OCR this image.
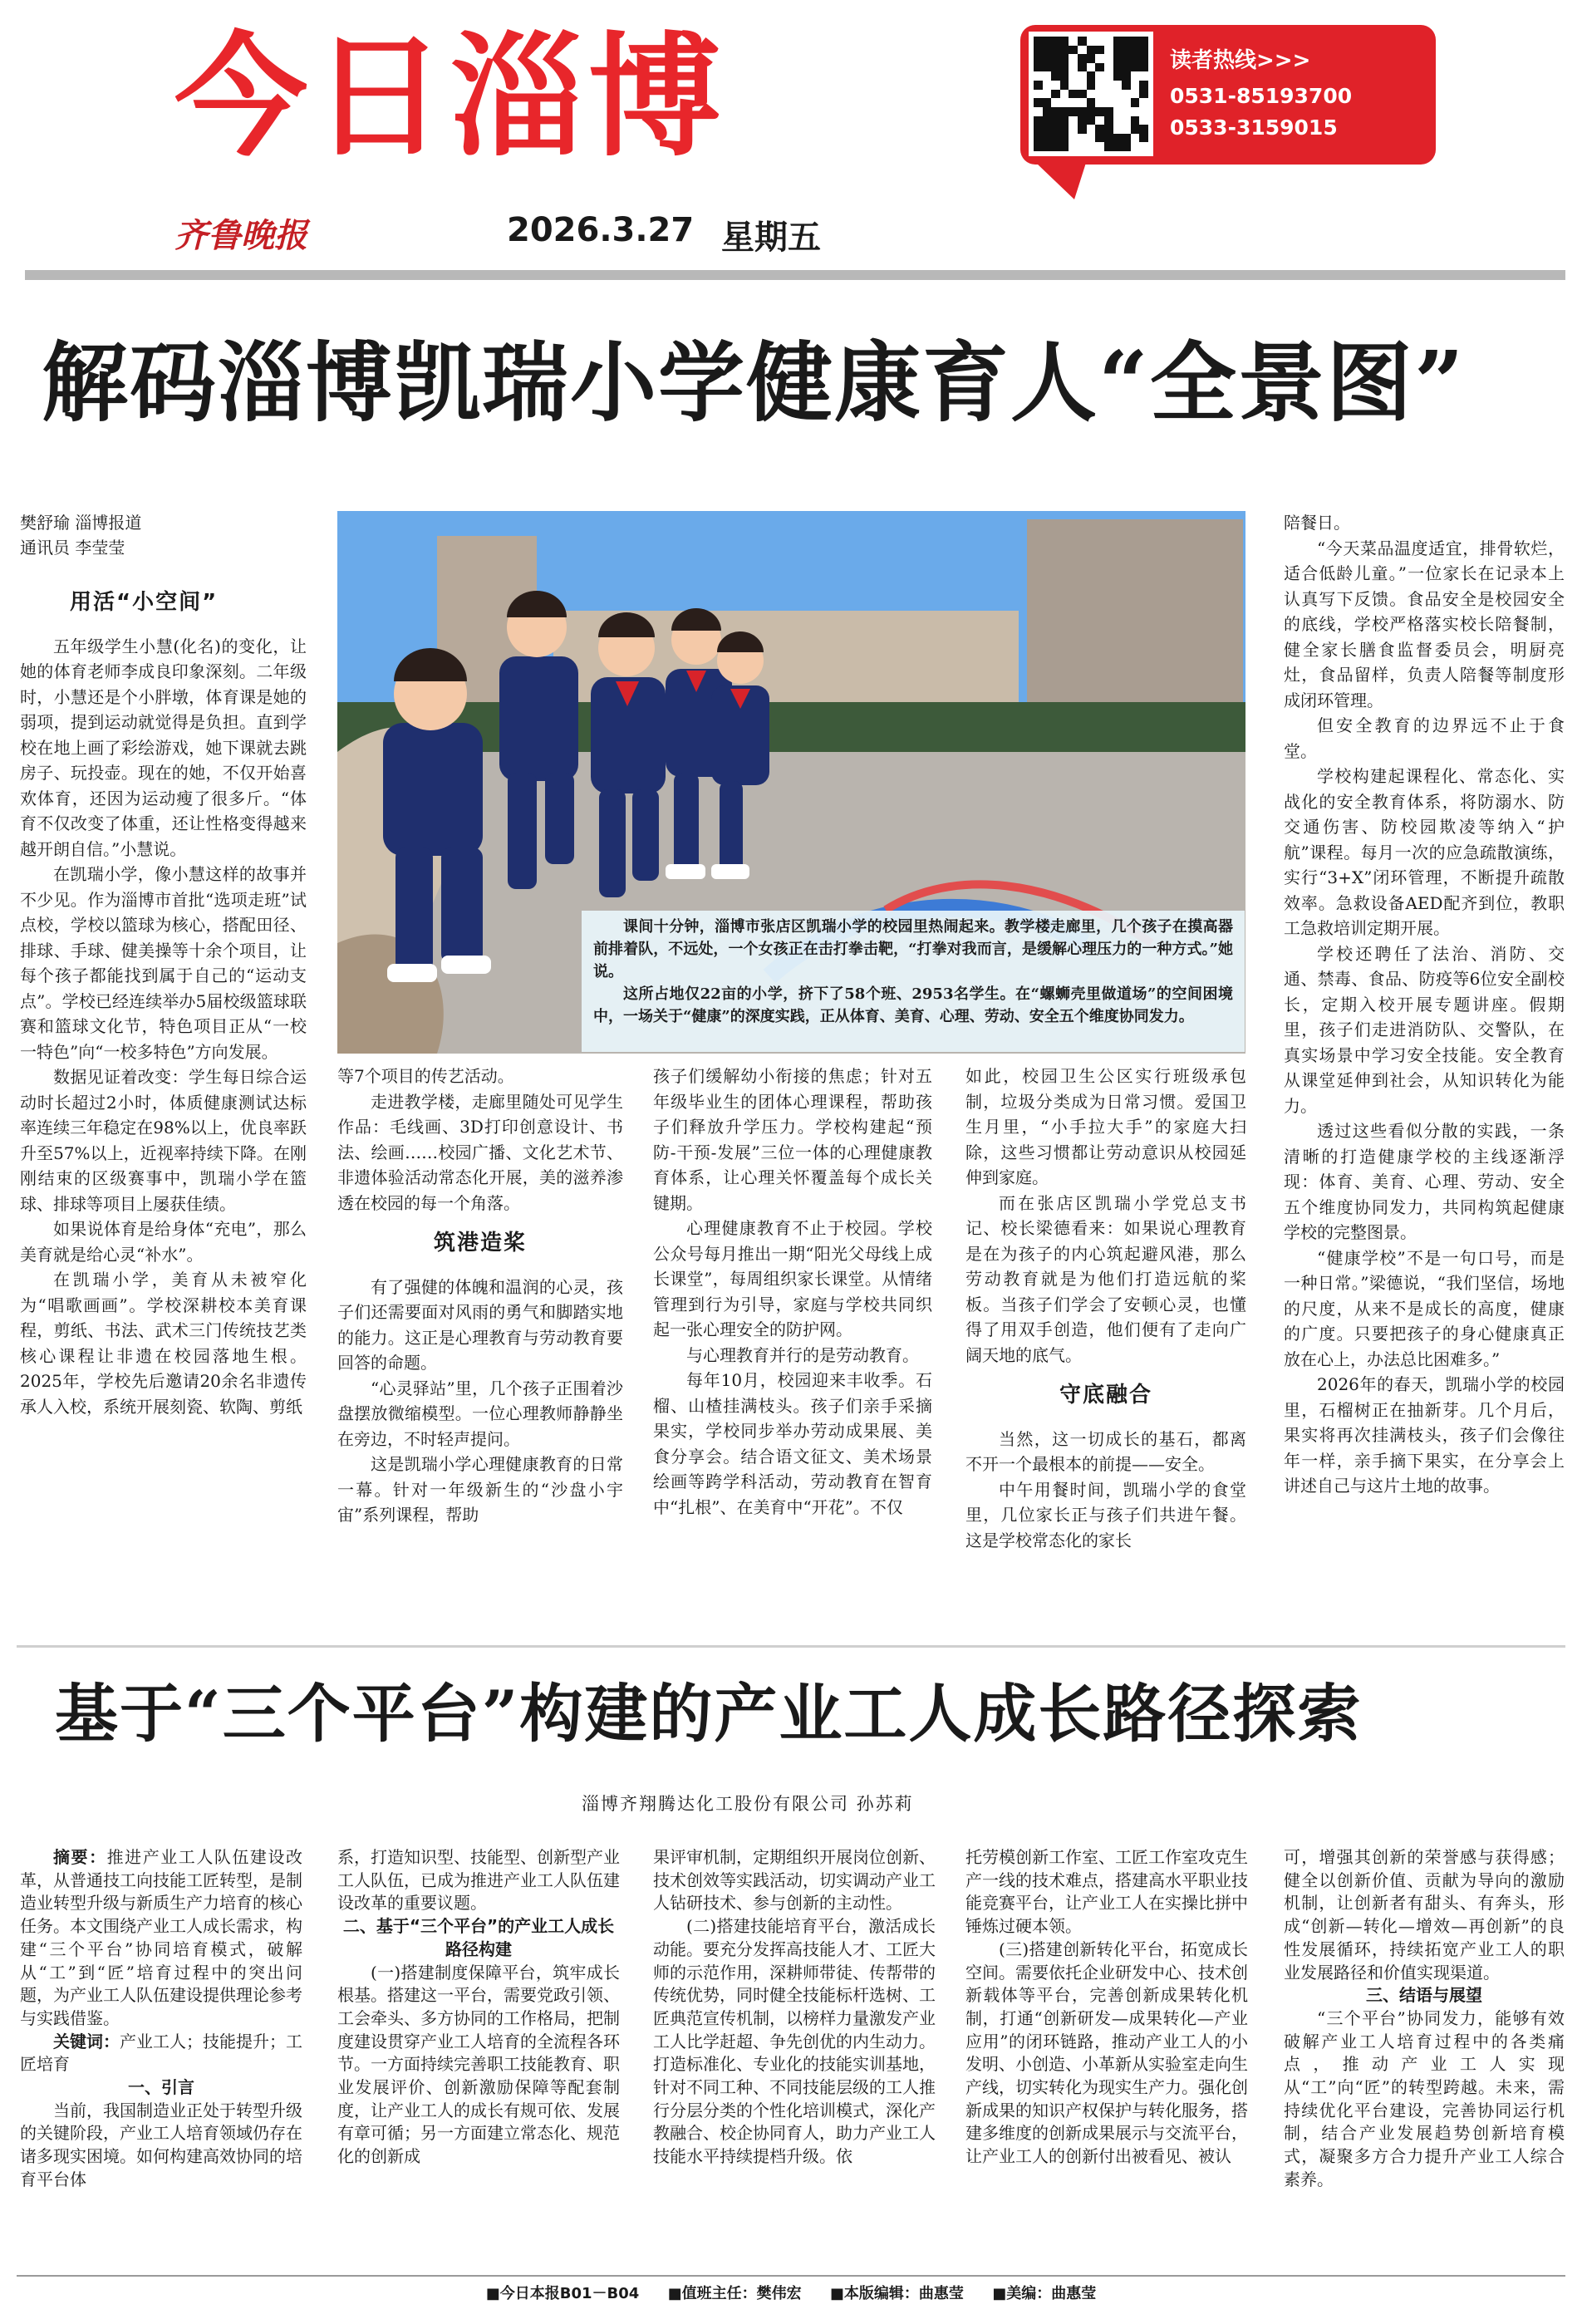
今日淄博
齐鲁晚报	2026.3.27 星期五
读者热线>>>
0531-85193700
0533-3159015
解码淄博凯瑞小学健康育人“全景图”
樊舒瑜 淄博报道
通讯员 李莹莹

课间十分钟，淄博市张店区凯瑞小学的校园里热闹起来。教学楼走廊里，几个孩子在摸高器前排着队，不远处，一个女孩正在击打拳击靶，“打拳对我而言，是缓解心理压力的一种方式。”她说。

这所占地仅22亩的小学，挤下了58个班、2953名学生。在“螺蛳壳里做道场”的空间困境中，一场关于“健康”的深度实践，正从体育、美育、心理、劳动、安全五个维度协同发力。

用活“小空间”

五年级学生小慧(化名)的变化，让她的体育老师李成良印象深刻。二年级时，小慧还是个小胖墩，体育课是她的弱项，提到运动就觉得是负担。直到学校在地上画了彩绘游戏，她下课就去跳房子、玩投壶。现在的她，不仅开始喜欢体育，还因为运动瘦了很多斤。“体育不仅改变了体重，还让性格变得越来越开朗自信。”小慧说。

在凯瑞小学，像小慧这样的故事并不少见。作为淄博市首批“选项走班”试点校，学校以篮球为核心，搭配田径、排球、手球、健美操等十余个项目，让每个孩子都能找到属于自己的“运动支点”。学校已经连续举办5届校级篮球联赛和篮球文化节，特色项目正从“一校一特色”向“一校多特色”方向发展。

数据见证着改变：学生每日综合运动时长超过2小时，体质健康测试达标率连续三年稳定在98%以上，优良率跃升至57%以上，近视率持续下降。在刚刚结束的区级赛事中，凯瑞小学在篮球、排球等项目上屡获佳绩。

如果说体育是给身体“充电”，那么美育就是给心灵“补水”。

在凯瑞小学，美育从未被窄化为“唱歌画画”。学校深耕校本美育课程，剪纸、书法、武术三门传统技艺类核心课程让非遗在校园落地生根。2025年，学校先后邀请20余名非遗传承人入校，系统开展刻瓷、软陶、剪纸

等7个项目的传艺活动。

走进教学楼，走廊里随处可见学生作品：毛线画、3D打印创意设计、书法、绘画……校园广播、文化艺术节、非遗体验活动常态化开展，美的滋养渗透在校园的每一个角落。

筑港造桨

有了强健的体魄和温润的心灵，孩子们还需要面对风雨的勇气和脚踏实地的能力。这正是心理教育与劳动教育要回答的命题。

“心灵驿站”里，几个孩子正围着沙盘摆放微缩模型。一位心理教师静静坐在旁边，不时轻声提问。

这是凯瑞小学心理健康教育的日常一幕。针对一年级新生的“沙盘小宇宙”系列课程，帮助

孩子们缓解幼小衔接的焦虑；针对五年级毕业生的团体心理课程，帮助孩子们释放升学压力。学校构建起“预防-干预-发展”三位一体的心理健康教育体系，让心理关怀覆盖每个成长关键期。

心理健康教育不止于校园。学校公众号每月推出一期“阳光父母线上成长课堂”，每周组织家长课堂。从情绪管理到行为引导，家庭与学校共同织起一张心理安全的防护网。

与心理教育并行的是劳动教育。

每年10月，校园迎来丰收季。石榴、山楂挂满枝头。孩子们亲手采摘果实，学校同步举办劳动成果展、美食分享会。结合语文征文、美术场景绘画等跨学科活动，劳动教育在智育中“扎根”、在美育中“开花”。不仅

如此，校园卫生公区实行班级承包制，垃圾分类成为日常习惯。爱国卫生月里，“小手拉大手”的家庭大扫除，这些习惯都让劳动意识从校园延伸到家庭。

而在张店区凯瑞小学党总支书记、校长梁德看来：如果说心理教育是在为孩子的内心筑起避风港，那么劳动教育就是为他们打造远航的桨板。当孩子们学会了安顿心灵，也懂得了用双手创造，他们便有了走向广阔天地的底气。

守底融合

当然，这一切成长的基石，都离不开一个最根本的前提——安全。

中午用餐时间，凯瑞小学的食堂里，几位家长正与孩子们共进午餐。这是学校常态化的家长

陪餐日。

“今天菜品温度适宜，排骨软烂，适合低龄儿童。”一位家长在记录本上认真写下反馈。食品安全是校园安全的底线，学校严格落实校长陪餐制，健全家长膳食监督委员会，明厨亮灶，食品留样，负责人陪餐等制度形成闭环管理。

但安全教育的边界远不止于食堂。

学校构建起课程化、常态化、实战化的安全教育体系，将防溺水、防交通伤害、防校园欺凌等纳入“护航”课程。每月一次的应急疏散演练，实行“3+X”闭环管理，不断提升疏散效率。急救设备AED配齐到位，教职工急救培训定期开展。

学校还聘任了法治、消防、交通、禁毒、食品、防疫等6位安全副校长，定期入校开展专题讲座。假期里，孩子们走进消防队、交警队，在真实场景中学习安全技能。安全教育从课堂延伸到社会，从知识转化为能力。

透过这些看似分散的实践，一条清晰的打造健康学校的主线逐渐浮现：体育、美育、心理、劳动、安全五个维度协同发力，共同构筑起健康学校的完整图景。

“健康学校”不是一句口号，而是一种日常。”梁德说，“我们坚信，场地的尺度，从来不是成长的高度，健康的广度。只要把孩子的身心健康真正放在心上，办法总比困难多。”

2026年的春天，凯瑞小学的校园里，石榴树正在抽新芽。几个月后，果实将再次挂满枝头，孩子们会像往年一样，亲手摘下果实，在分享会上讲述自己与这片土地的故事。

基于“三个平台”构建的产业工人成长路径探索
淄博齐翔腾达化工股份有限公司 孙苏莉

摘要：推进产业工人队伍建设改革，从普通技工向技能工匠转型，是制造业转型升级与新质生产力培育的核心任务。本文围绕产业工人成长需求，构建“三个平台”协同培育模式，破解从“工”到“匠”培育过程中的突出问题，为产业工人队伍建设提供理论参考与实践借鉴。

关键词：产业工人；技能提升；工匠培育

一、引言

当前，我国制造业正处于转型升级的关键阶段，产业工人培育领域仍存在诸多现实困境。如何构建高效协同的培育平台体

系，打造知识型、技能型、创新型产业工人队伍，已成为推进产业工人队伍建设改革的重要议题。

二、基于“三个平台”的产业工人成长路径构建

(一)搭建制度保障平台，筑牢成长根基。搭建这一平台，需要党政引领、工会牵头、多方协同的工作格局，把制度建设贯穿产业工人培育的全流程各环节。一方面持续完善职工技能教育、职业发展评价、创新激励保障等配套制度，让产业工人的成长有规可依、发展有章可循；另一方面建立常态化、规范化的创新成

果评审机制，定期组织开展岗位创新、技术创效等实践活动，切实调动产业工人钻研技术、参与创新的主动性。

(二)搭建技能培育平台，激活成长动能。要充分发挥高技能人才、工匠大师的示范作用，深耕师带徒、传帮带的传统优势，同时健全技能标杆选树、工匠典范宣传机制，以榜样力量激发产业工人比学赶超、争先创优的内生动力。打造标准化、专业化的技能实训基地，针对不同工种、不同技能层级的工人推行分层分类的个性化培训模式，深化产教融合、校企协同育人，助力产业工人技能水平持续提档升级。依

托劳模创新工作室、工匠工作室攻克生产一线的技术难点，搭建高水平职业技能竞赛平台，让产业工人在实操比拼中锤炼过硬本领。

(三)搭建创新转化平台，拓宽成长空间。需要依托企业研发中心、技术创新载体等平台，完善创新成果转化机制，打通“创新研发—成果转化—产业应用”的闭环链路，推动产业工人的小发明、小创造、小革新从实验室走向生产线，切实转化为现实生产力。强化创新成果的知识产权保护与转化服务，搭建多维度的创新成果展示与交流平台，让产业工人的创新付出被看见、被认

可，增强其创新的荣誉感与获得感；健全以创新价值、贡献为导向的激励机制，让创新者有甜头、有奔头，形成“创新—转化—增效—再创新”的良性发展循环，持续拓宽产业工人的职业发展路径和价值实现渠道。

三、结语与展望

“三个平台”协同发力，能够有效破解产业工人培育过程中的各类痛点，推动产业工人实现从“工”向“匠”的转型跨越。未来，需持续优化平台建设，完善协同运行机制，结合产业发展趋势创新培育模式，凝聚多方合力提升产业工人综合素养。

■今日本报B01－B04 ■值班主任：樊伟宏 ■本版编辑：曲惠莹 ■美编：曲惠莹
